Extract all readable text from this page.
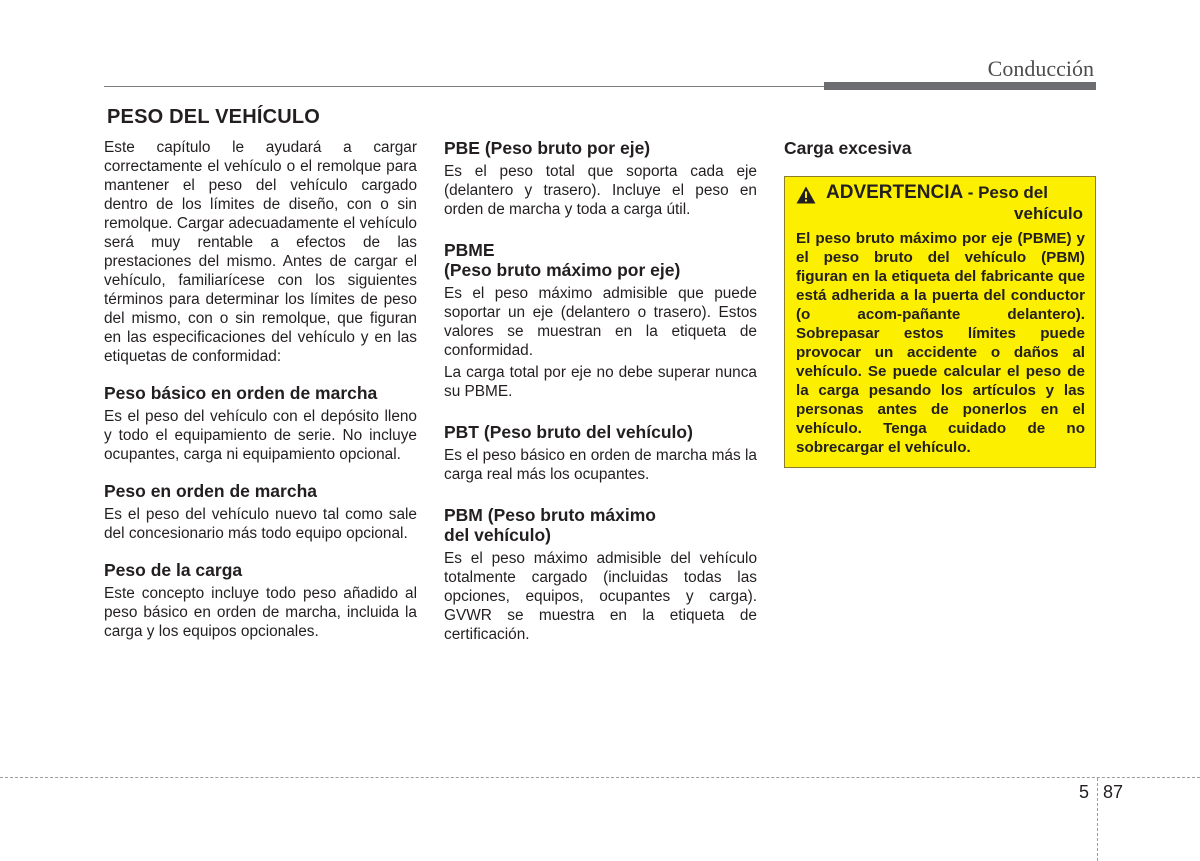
Conducción
PESO DEL VEHÍCULO

Este capítulo le ayudará a cargar correctamente el vehículo o el remolque para mantener el peso del vehículo cargado dentro de los límites de diseño, con o sin remolque. Cargar adecuadamente el vehículo será muy rentable a efectos de las prestaciones del mismo. Antes de cargar el vehículo, familiarícese con los siguientes términos para determinar los límites de peso del mismo, con o sin remolque, que figuran en las especificaciones del vehículo y en las etiquetas de conformidad:

Peso básico en orden de marcha

Es el peso del vehículo con el depósito lleno y todo el equipamiento de serie. No incluye ocupantes, carga ni equipamiento opcional.

Peso en orden de marcha

Es el peso del vehículo nuevo tal como sale del concesionario más todo equipo opcional.

Peso de la carga

Este concepto incluye todo peso añadido al peso básico en orden de marcha, incluida la carga y los equipos opcionales.

PBE (Peso bruto por eje)

Es el peso total que soporta cada eje (delantero y trasero). Incluye el peso en orden de marcha y toda a carga útil.

PBME
(Peso bruto máximo por eje)

Es el peso máximo admisible que puede soportar un eje (delantero o trasero). Estos valores se muestran en la etiqueta de conformidad.

La carga total por eje no debe superar nunca su PBME.

PBT (Peso bruto del vehículo)

Es el peso básico en orden de marcha más la carga real más los ocupantes.

PBM (Peso bruto máximo
del vehículo)

Es el peso máximo admisible del vehículo totalmente cargado (incluidas todas las opciones, equipos, ocupantes y carga). GVWR se muestra en la etiqueta de certificación.

Carga excesiva
ADVERTENCIA - Peso del
vehículo

El peso bruto máximo por eje (PBME) y el peso bruto del vehículo (PBM) figuran en la etiqueta del fabricante que está adherida a la puerta del conductor (o acom-pañante delantero). Sobrepasar estos límites puede provocar un accidente o daños al vehículo. Se puede calcular el peso de la carga pesando los artículos y las personas antes de ponerlos en el vehículo. Tenga cuidado de no sobrecargar el vehículo.

5 87
